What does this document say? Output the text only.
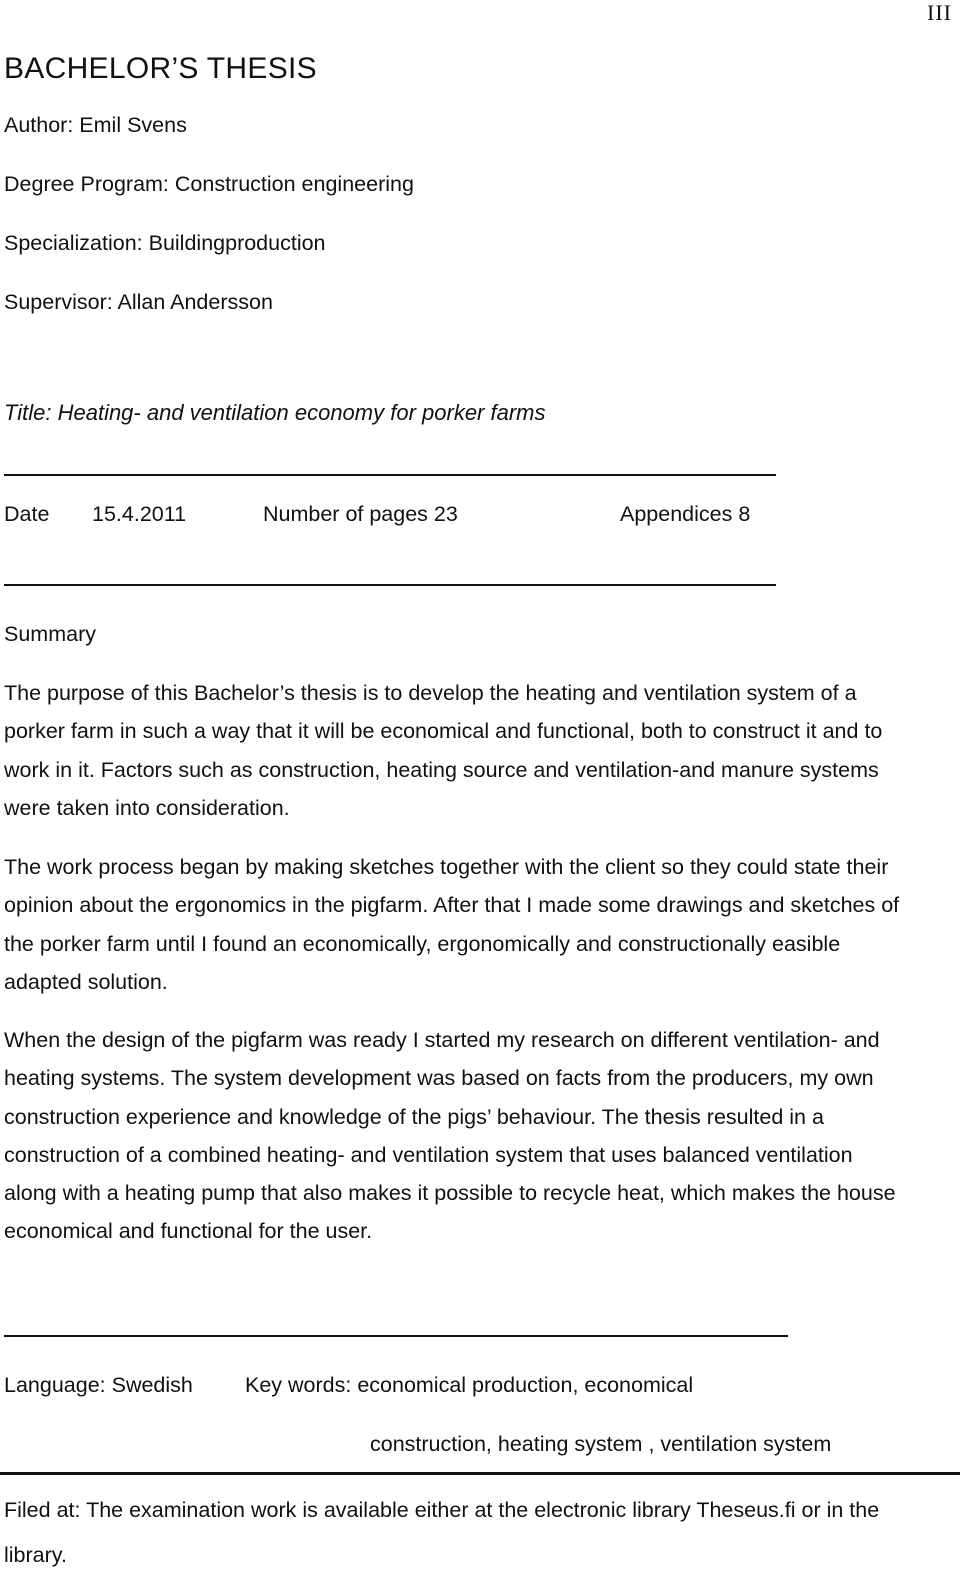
III
BACHELOR’S THESIS
Author: Emil Svens
Degree Program: Construction engineering
Specialization: Buildingproduction
Supervisor: Allan Andersson
Title: Heating- and ventilation economy for porker farms
Date 15.4.2011	Number of pages 23	Appendices 8
Summary

The purpose of this Bachelor’s thesis is to develop the heating and ventilation system of a porker farm in such a way that it will be economical and functional, both to construct it and to work in it. Factors such as construction, heating source and ventilation-and manure systems were taken into consideration.

The work process began by making sketches together with the client so they could state their opinion about the ergonomics in the pigfarm. After that I made some drawings and sketches of the porker farm until I found an economically, ergonomically and constructionally easible adapted solution.

When the design of the pigfarm was ready I started my research on different ventilation- and heating systems. The system development was based on facts from the producers, my own construction experience and knowledge of the pigs’ behaviour. The thesis resulted in a construction of a combined heating- and ventilation system that uses balanced ventilation along with a heating pump that also makes it possible to recycle heat, which makes the house economical and functional for the user.

Language: Swedish Key words: economical production, economical
construction, heating system , ventilation system

Filed at: The examination work is available either at the electronic library Theseus.fi or in the library.
